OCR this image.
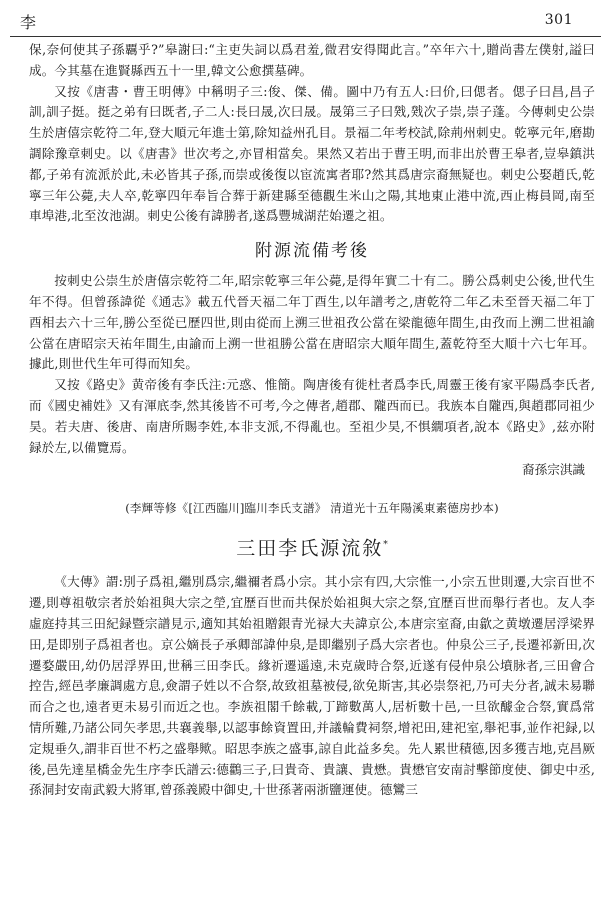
李	301

保,奈何使其子孫覊乎?”皋謝曰:“主吏失詞以爲君羞,微君安得聞此言。”卒年六十,贈尚書左僕射,謚曰成。今其墓在進賢縣西五十一里,韓文公愈撰墓碑。

又按《唐書・曹王明傳》中稱明子三:俊、傑、備。圖中乃有五人:曰价,曰偲者。偲子曰昌,昌子訓,訓子挺。挺之弟有曰既者,子二人:長曰晟,次曰晟。晟第三子曰戣,戣次子崇,崇子蓬。今傳刺史公崇生於唐僖宗乾符二年,登大順元年進士第,除知益州孔目。景福二年考校試,除荊州刺史。乾寧元年,磨勘調除豫章刺史。以《唐書》世次考之,亦冒相當矣。果然又若出于曹王明,而非出於曹王皋者,豈皋鎮洪都,子弟有流派於此,未必皆其子孫,而崇或後復以宦流寓者耶?然其爲唐宗裔無疑也。刺史公娶趙氏,乾寧三年公薨,夫人卒,乾寧四年奉旨合葬于新建縣至德觀生米山之陽,其地東止港中流,西止梅員岡,南至車埠港,北至汝池湖。刺史公後有諱勝者,遂爲豐城湖茫始遷之祖。

附源流備考後

按刺史公崇生於唐僖宗乾符二年,昭宗乾寧三年公薨,是得年實二十有二。勝公爲刺史公後,世代生年不得。但曾孫諱從《通志》載五代晉天福二年丁酉生,以年譜考之,唐乾符二年乙未至晉天福二年丁酉相去六十三年,勝公至從已歷四世,則由從而上溯三世祖孜公當在梁龍德年間生,由孜而上溯二世祖諭公當在唐昭宗天祐年間生,由諭而上溯一世祖勝公當在唐昭宗大順年間生,蓋乾符至大順十六七年耳。據此,則世代生年可得而知矣。

又按《路史》黄帝後有李氏注:元惑、惟簡。陶唐後有徙杜者爲李氏,周靈王後有家平陽爲李氏者,而《國史補姓》又有渾底李,然其後皆不可考,今之傳者,趙郡、隴西而已。我族本自隴西,與趙郡同祖少昊。若夫唐、後唐、南唐所賜李姓,本非支派,不得亂也。至祖少昊,不惧繝項者,說本《路史》,兹亦附録於左,以備覽焉。

裔孫宗淇識
(李輝等修《[江西臨川]臨川李氏支譜》 清道光十五年陽溪東素德房抄本)
三田李氏源流敘*

《大傳》謂:別子爲祖,繼別爲宗,繼禰者爲小宗。其小宗有四,大宗惟一,小宗五世則遷,大宗百世不遷,則尊祖敬宗者於始祖與大宗之塋,宜歷百世而共保於始祖與大宗之祭,宜歷百世而舉行者也。友人李虛庭持其三田紀録暨宗譜見示,適知其始祖贈銀青光禄大夫諱京公,本唐宗室裔,由歙之黄墩遷居浮梁界田,是即别子爲祖者也。京公嫡長子承卿部諱仲泉,是即繼别子爲大宗者也。仲泉公三子,長遷祁新田,次遷婺嚴田,幼仍居浮界田,世稱三田李氏。緣祈遷遥遠,未克歲時合祭,近遂有侵仲泉公墳脉者,三田會合控告,經邑孝廉調處方息,僉謂子姓以不合祭,故致祖墓被侵,欲免斯害,其必崇祭祀,乃可夫分者,誠未易聯而合之也,遠者更未易引而近之也。李族祖閣千餘載,丁蹄數萬人,居析數十邑,一旦欲醵金合祭,實爲常情所難,乃諸公同矢孝思,共襄義舉,以認事餘資置田,并議輪費祠祭,增祀田,建祀室,舉祀事,並作祀録,以定規垂久,謂非百世不朽之盛舉歟。昭思李族之盛事,諒自此益多矣。先人累世積德,因多獲吉地,克昌厥後,邑先達星橋金先生序李氏譜云:德鸛三子,曰貴奇、貴讓、貴懋。貴懋官安南討擊節度使、御史中丞,孫洞封安南武毅大將軍,曾孫義殿中御史,十世孫著兩浙鹽運使。德鸞三
